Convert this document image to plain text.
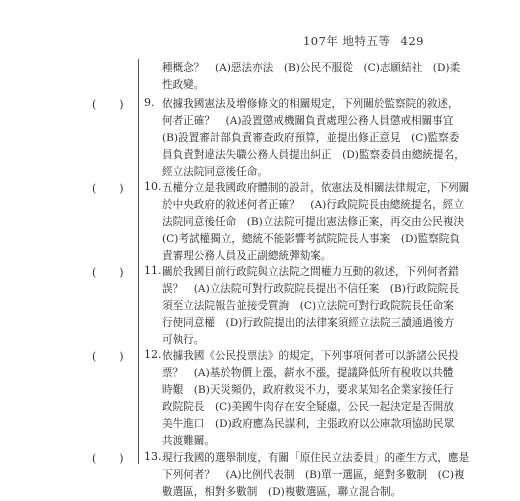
107年 地特五等 429
種概念？　(A)惡法亦法　(B)公民不服從　(C)志願結社　(D)柔
性政變。
(　) 9. 依據我國憲法及增修條文的相關規定，下列關於監察院的敘述，
何者正確？　(A)設置懲戒機關負責處理公務人員懲戒相關事宜
(B)設置審計部負責審查政府預算，並提出修正意見　(C)監察委
員負責對違法失職公務人員提出糾正　(D)監察委員由總統提名，
經立法院同意後任命。
(　) 10. 五權分立是我國政府體制的設計，依憲法及相關法律規定，下列關
於中央政府的敘述何者正確？　(A)行政院院長由總統提名，經立
法院同意後任命　(B)立法院可提出憲法修正案，再交由公民複決
(C)考試權獨立，總統不能影響考試院院長人事案　(D)監察院負
責審理公務人員及正副總統彈劾案。
(　) 11. 關於我國目前行政院與立法院之間權力互動的敘述，下列何者錯
誤？　(A)立法院可對行政院院長提出不信任案　(B)行政院院長
須至立法院報告並接受質詢　(C)立法院可對行政院院長任命案
行使同意權　(D)行政院提出的法律案須經立法院三讀通過後方
可執行。
(　) 12. 依據我國《公民投票法》的規定，下列事項何者可以訴諸公民投
票？　(A)基於物價上漲，薪水不漲，提議降低所有稅收以共體
時艱　(B)天災頻仍，政府救災不力，要求某知名企業家接任行
政院院長　(C)美國牛肉存在安全疑慮，公民一起決定是否開放
美牛進口　(D)政府應為民謀利，主張政府以公庫款項協助民眾
共渡難關。
(　) 13. 現行我國的選舉制度，有關「原住民立法委員」的產生方式，應是
下列何者？　(A)比例代表制　(B)單一選區，絕對多數制　(C)複
數選區，相對多數制　(D)複數選區，聯立混合制。
